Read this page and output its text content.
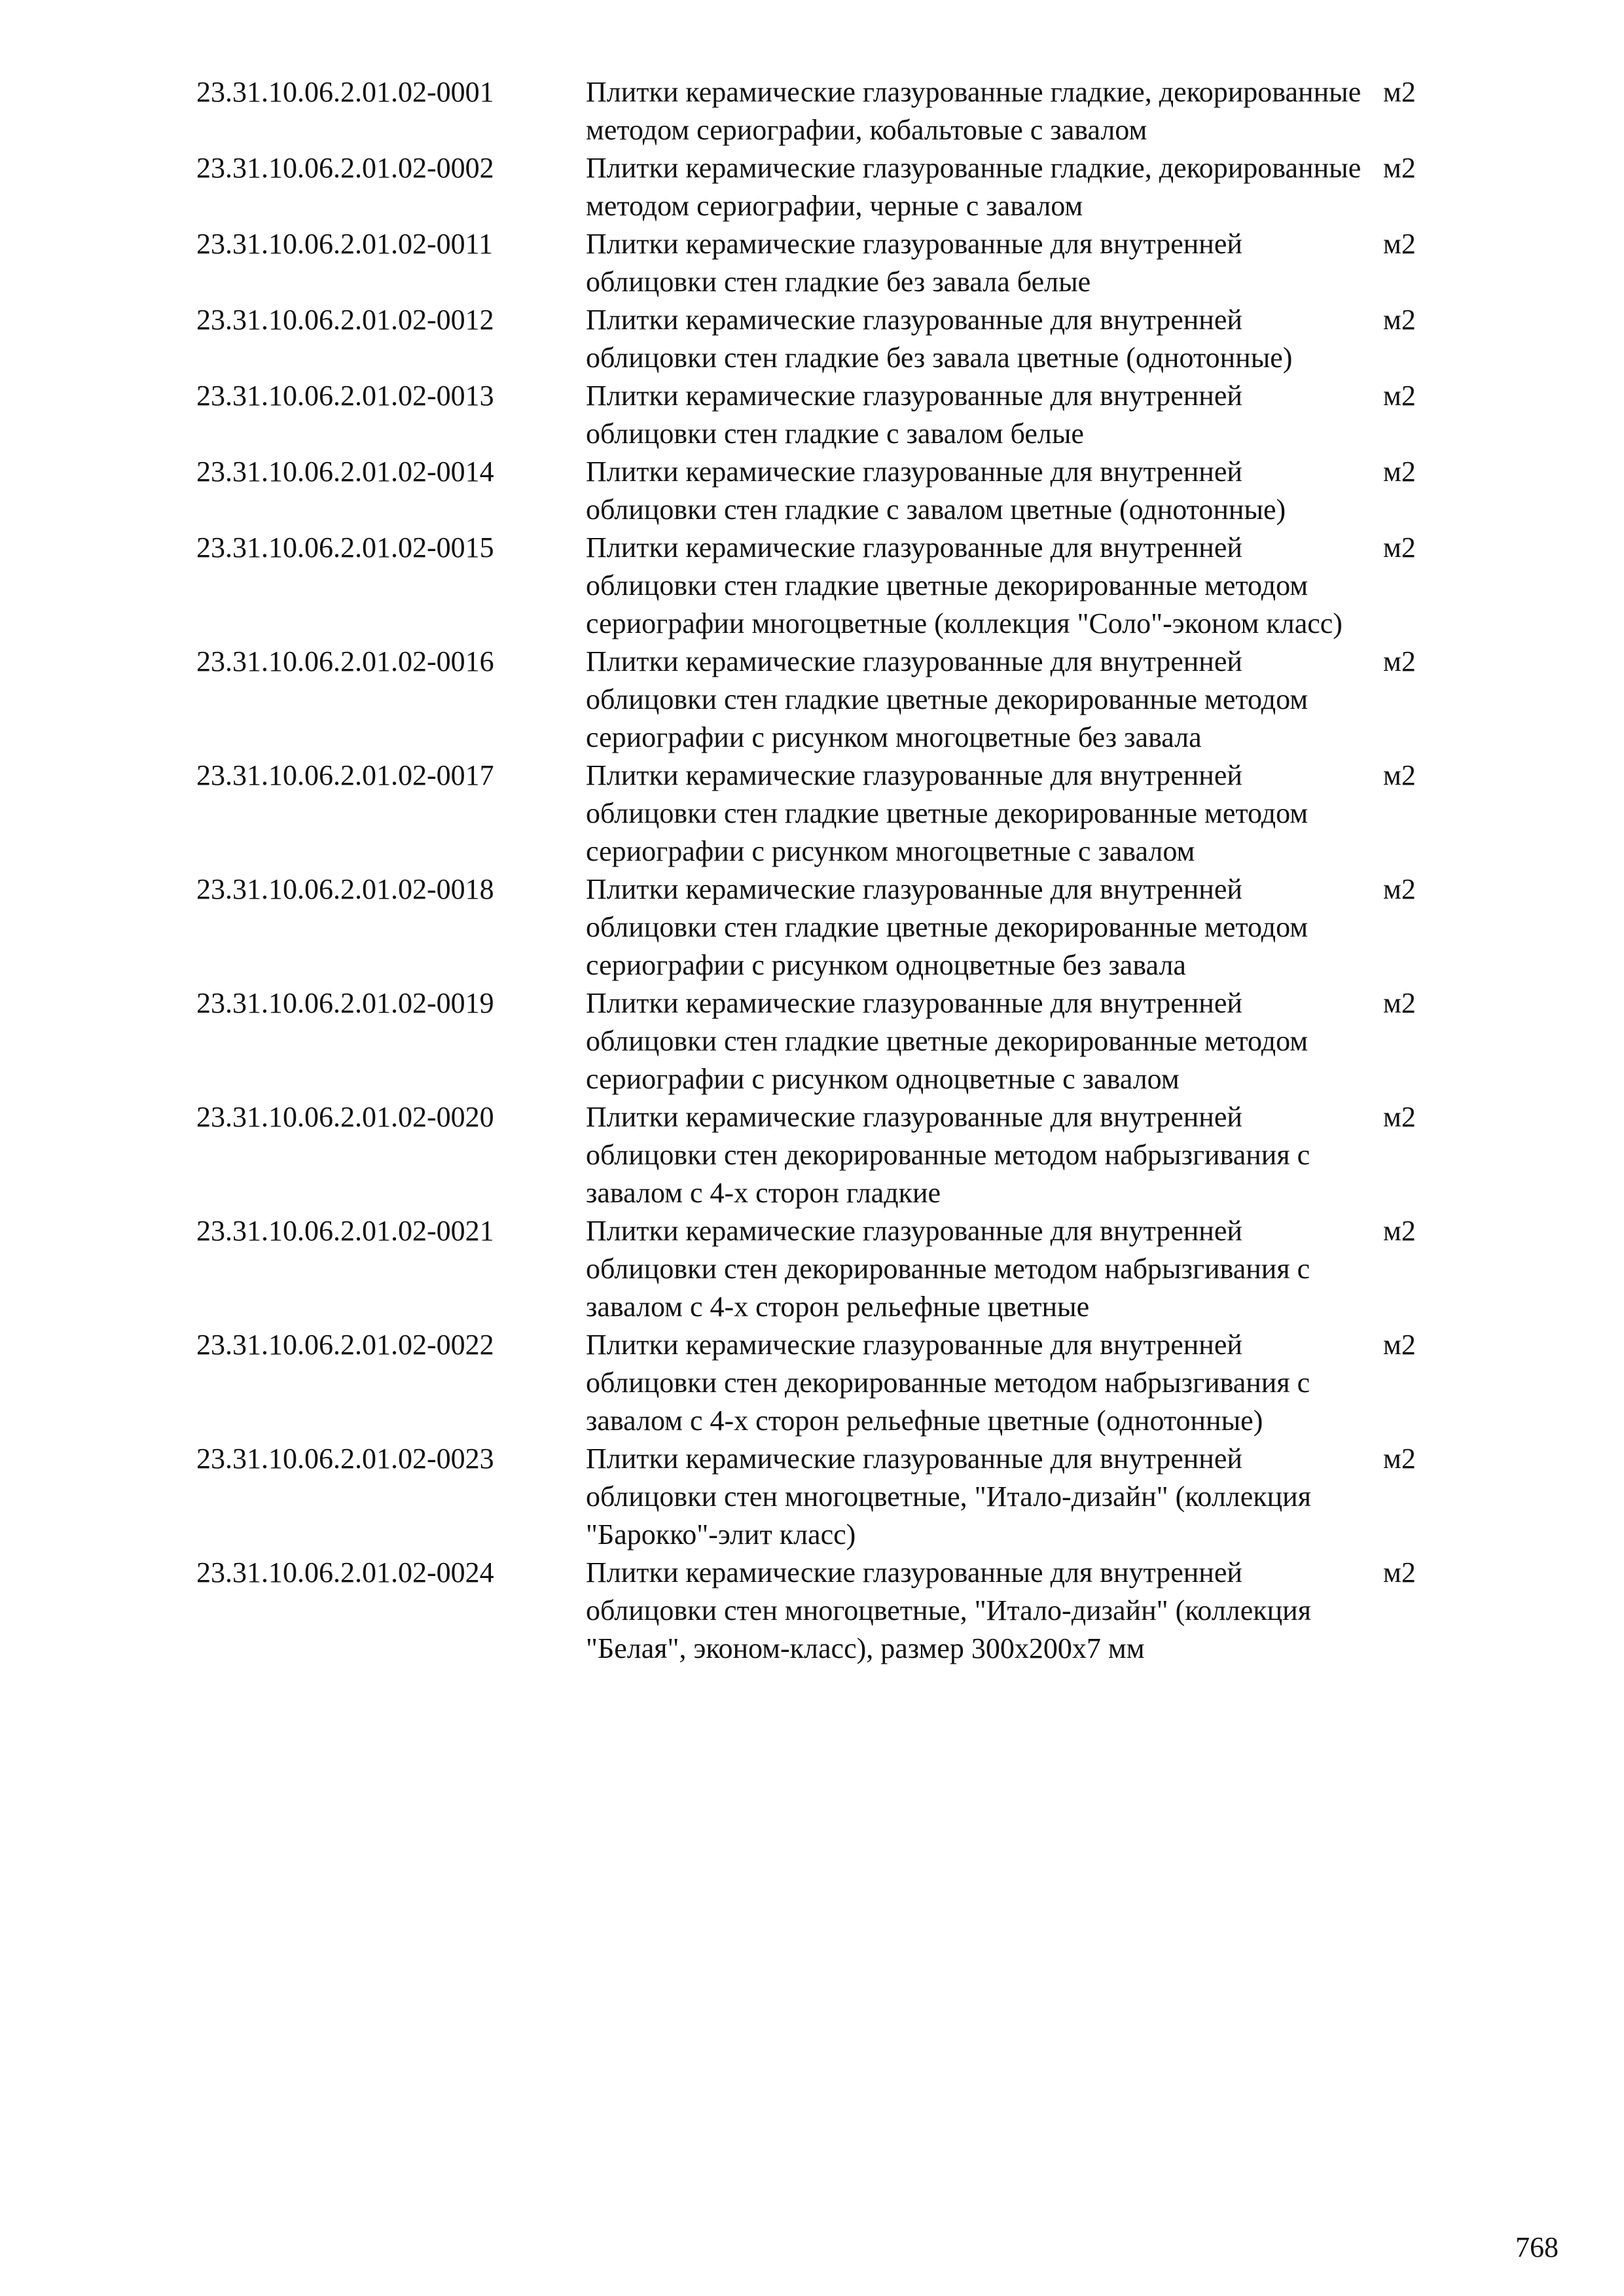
23.31.10.06.2.01.02-0001	Плитки керамические глазурованные гладкие, декорированные методом сериографии, кобальтовые с завалом
м2
23.31.10.06.2.01.02-0002	Плитки керамические глазурованные гладкие, декорированные методом сериографии, черные с завалом
м2
23.31.10.06.2.01.02-0011	Плитки керамические глазурованные для внутренней облицовки стен гладкие без завала белые
м2
23.31.10.06.2.01.02-0012	Плитки керамические глазурованные для внутренней облицовки стен гладкие без завала цветные (однотонные)
м2
23.31.10.06.2.01.02-0013	Плитки керамические глазурованные для внутренней облицовки стен гладкие с завалом белые
м2
23.31.10.06.2.01.02-0014	Плитки керамические глазурованные для внутренней облицовки стен гладкие с завалом цветные (однотонные)
м2
23.31.10.06.2.01.02-0015	Плитки керамические глазурованные для внутренней облицовки стен гладкие цветные декорированные методом сериографии многоцветные (коллекция "Соло"-эконом класс)
м2
23.31.10.06.2.01.02-0016	Плитки керамические глазурованные для внутренней облицовки стен гладкие цветные декорированные методом сериографии с рисунком многоцветные без завала
м2
23.31.10.06.2.01.02-0017	Плитки керамические глазурованные для внутренней облицовки стен гладкие цветные декорированные методом сериографии с рисунком многоцветные с завалом
м2
23.31.10.06.2.01.02-0018	Плитки керамические глазурованные для внутренней облицовки стен гладкие цветные декорированные методом сериографии с рисунком одноцветные без завала
м2
23.31.10.06.2.01.02-0019	Плитки керамические глазурованные для внутренней облицовки стен гладкие цветные декорированные методом сериографии с рисунком одноцветные с завалом
м2
23.31.10.06.2.01.02-0020	Плитки керамические глазурованные для внутренней облицовки стен декорированные методом набрызгивания с завалом с 4-х сторон гладкие
м2
23.31.10.06.2.01.02-0021	Плитки керамические глазурованные для внутренней облицовки стен декорированные методом набрызгивания с завалом с 4-х сторон рельефные цветные
м2
23.31.10.06.2.01.02-0022	Плитки керамические глазурованные для внутренней облицовки стен декорированные методом набрызгивания с завалом с 4-х сторон рельефные цветные (однотонные)
м2
23.31.10.06.2.01.02-0023	Плитки керамические глазурованные для внутренней облицовки стен многоцветные, "Итало-дизайн" (коллекция "Барокко"-элит класс)
м2
23.31.10.06.2.01.02-0024	Плитки керамические глазурованные для внутренней облицовки стен многоцветные, "Итало-дизайн" (коллекция "Белая", эконом-класс), размер 300х200х7 мм
м2
768
